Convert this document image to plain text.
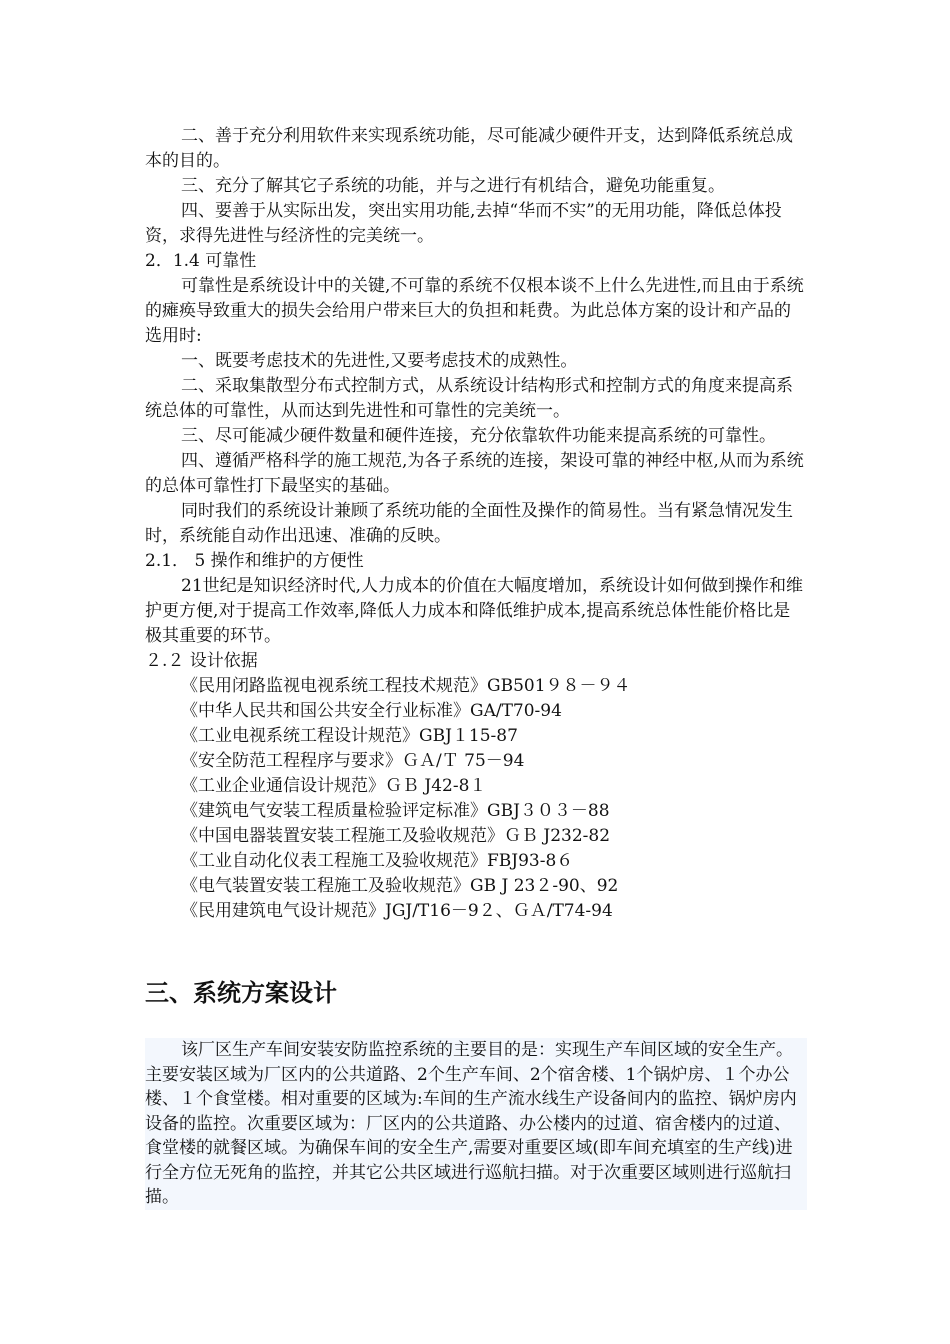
二、善于充分利用软件来实现系统功能，尽可能减少硬件开支，达到降低系统总成本的目的。

三、充分了解其它子系统的功能，并与之进行有机结合，避免功能重复。

四、要善于从实际出发，突出实用功能,去掉“华而不实”的无用功能，降低总体投资，求得先进性与经济性的完美统一。

2．1.4 可靠性

可靠性是系统设计中的关键,不可靠的系统不仅根本谈不上什么先进性,而且由于系统的瘫痪导致重大的损失会给用户带来巨大的负担和耗费。为此总体方案的设计和产品的选用时:

一、既要考虑技术的先进性,又要考虑技术的成熟性。

二、采取集散型分布式控制方式，从系统设计结构形式和控制方式的角度来提高系统总体的可靠性，从而达到先进性和可靠性的完美统一。

三、尽可能减少硬件数量和硬件连接，充分依靠软件功能来提高系统的可靠性。

四、遵循严格科学的施工规范,为各子系统的连接，架设可靠的神经中枢,从而为系统的总体可靠性打下最坚实的基础。

同时我们的系统设计兼顾了系统功能的全面性及操作的简易性。当有紧急情况发生时，系统能自动作出迅速、准确的反映。

2.1． 5 操作和维护的方便性

21世纪是知识经济时代,人力成本的价值在大幅度增加，系统设计如何做到操作和维护更方便,对于提高工作效率,降低人力成本和降低维护成本,提高系统总体性能价格比是极其重要的环节。

２.２ 设计依据

《民用闭路监视电视系统工程技术规范》GB501９８－９４

《中华人民共和国公共安全行业标准》GA/T70-94

《工业电视系统工程设计规范》GBJ１15-87

《安全防范工程程序与要求》ＧＡ/Ｔ 75－94

《工业企业通信设计规范》ＧＢ J42-8１

《建筑电气安装工程质量检验评定标准》GBJ３０３－88

《中国电器装置安装工程施工及验收规范》ＧＢ J232-82

《工业自动化仪表工程施工及验收规范》FBJ93-8６

《电气装置安装工程施工及验收规范》GB J 23２-90、92

《民用建筑电气设计规范》JGJ/T16－9２、ＧＡ/T74-94

三、系统方案设计

该厂区生产车间安装安防监控系统的主要目的是：实现生产车间区域的安全生产。主要安装区域为厂区内的公共道路、2个生产车间、2个宿舍楼、1个锅炉房、１个办公楼、１个食堂楼。相对重要的区域为:车间的生产流水线生产设备间内的监控、锅炉房内设备的监控。次重要区域为：厂区内的公共道路、办公楼内的过道、宿舍楼内的过道、食堂楼的就餐区域。为确保车间的安全生产,需要对重要区域(即车间充填室的生产线)进行全方位无死角的监控，并其它公共区域进行巡航扫描。对于次重要区域则进行巡航扫描。
